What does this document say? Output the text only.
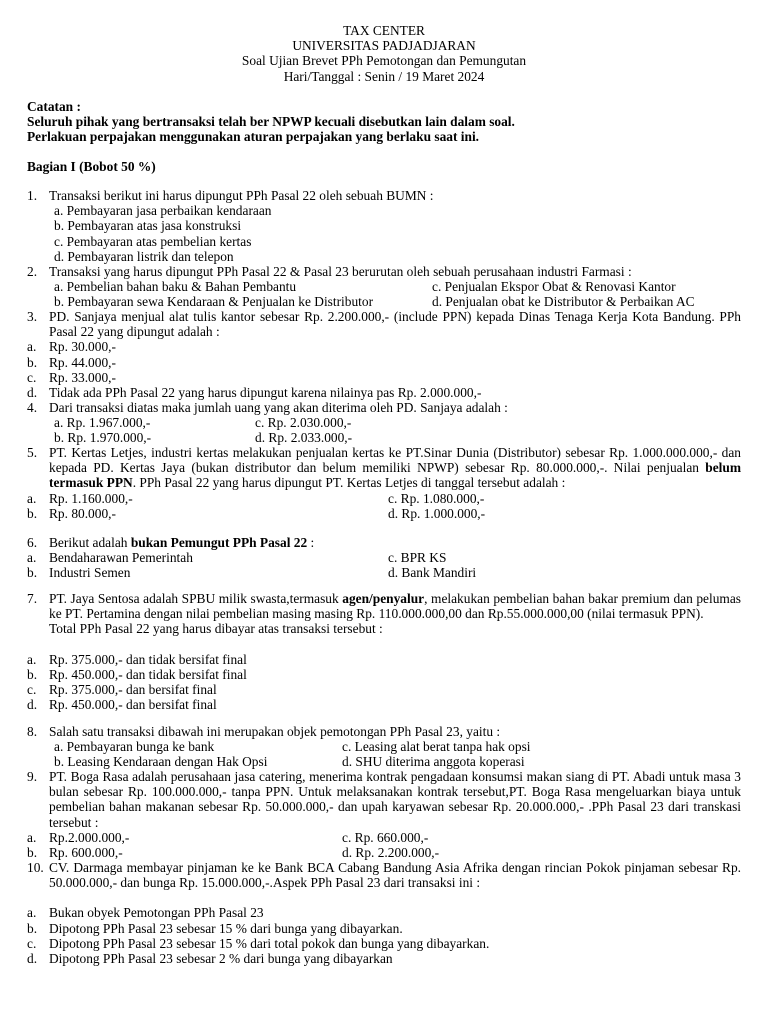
TAX CENTER
UNIVERSITAS PADJADJARAN
Soal Ujian Brevet PPh Pemotongan dan Pemungutan
Hari/Tanggal : Senin / 19 Maret 2024
Catatan :
Seluruh pihak yang bertransaksi telah ber NPWP kecuali disebutkan lain dalam soal.
Perlakuan perpajakan menggunakan aturan perpajakan yang berlaku saat ini.
Bagian I (Bobot 50 %)
1. Transaksi berikut ini harus dipungut PPh Pasal 22 oleh sebuah BUMN :
a. Pembayaran jasa perbaikan kendaraan
b. Pembayaran atas jasa konstruksi
c. Pembayaran atas pembelian kertas
d. Pembayaran listrik dan telepon
2. Transaksi yang harus dipungut PPh Pasal 22 & Pasal 23 berurutan oleh sebuah perusahaan industri Farmasi :
a. Pembelian bahan baku & Bahan Pembantu	c. Penjualan Ekspor Obat & Renovasi Kantor
b. Pembayaran sewa Kendaraan & Penjualan ke Distributor	d. Penjualan obat ke Distributor & Perbaikan AC
3. PD. Sanjaya menjual alat tulis kantor sebesar Rp. 2.200.000,- (include PPN) kepada Dinas Tenaga Kerja Kota Bandung. PPh Pasal 22 yang dipungut adalah :
a. Rp. 30.000,-
b. Rp. 44.000,-
c. Rp. 33.000,-
d. Tidak ada PPh Pasal 22 yang harus dipungut karena nilainya pas Rp. 2.000.000,-
4. Dari transaksi diatas maka jumlah uang yang akan diterima oleh PD. Sanjaya adalah :
a. Rp. 1.967.000,-	c. Rp. 2.030.000,-
b. Rp. 1.970.000,-	d. Rp. 2.033.000,-
5. PT. Kertas Letjes, industri kertas melakukan penjualan kertas ke PT.Sinar Dunia (Distributor) sebesar Rp. 1.000.000.000,- dan kepada PD. Kertas Jaya (bukan distributor dan belum memiliki NPWP) sebesar Rp. 80.000.000,-. Nilai penjualan belum termasuk PPN. PPh Pasal 22 yang harus dipungut PT. Kertas Letjes di tanggal tersebut adalah :
a. Rp. 1.160.000,-	c. Rp. 1.080.000,-
b. Rp. 80.000,-	d. Rp. 1.000.000,-
6. Berikut adalah bukan Pemungut PPh Pasal 22 :
a. Bendaharawan Pemerintah	c. BPR KS
b. Industri Semen	d. Bank Mandiri
7. PT. Jaya Sentosa adalah SPBU milik swasta,termasuk agen/penyalur, melakukan pembelian bahan bakar premium dan pelumas ke PT. Pertamina dengan nilai pembelian masing masing Rp. 110.000.000,00 dan Rp.55.000.000,00 (nilai termasuk PPN).
Total PPh Pasal 22 yang harus dibayar atas transaksi tersebut :
a. Rp. 375.000,- dan tidak bersifat final
b. Rp. 450.000,- dan tidak bersifat final
c. Rp. 375.000,- dan bersifat final
d. Rp. 450.000,- dan bersifat final
8. Salah satu transaksi dibawah ini merupakan objek pemotongan PPh Pasal 23, yaitu :
a. Pembayaran bunga ke bank	c. Leasing alat berat tanpa hak opsi
b. Leasing Kendaraan dengan Hak Opsi	d. SHU diterima anggota koperasi
9. PT. Boga Rasa adalah perusahaan jasa catering, menerima kontrak pengadaan konsumsi makan siang di PT. Abadi untuk masa 3 bulan sebesar Rp. 100.000.000,- tanpa PPN. Untuk melaksanakan kontrak tersebut,PT. Boga Rasa mengeluarkan biaya untuk pembelian bahan makanan sebesar Rp. 50.000.000,- dan upah karyawan sebesar Rp. 20.000.000,- .PPh Pasal 23 dari transkasi tersebut :
a. Rp.2.000.000,-	c. Rp. 660.000,-
b. Rp. 600.000,-	d. Rp. 2.200.000,-
10. CV. Darmaga membayar pinjaman ke ke Bank BCA Cabang Bandung Asia Afrika dengan rincian Pokok pinjaman sebesar Rp. 50.000.000,- dan bunga Rp. 15.000.000,-.Aspek PPh Pasal 23 dari transaksi ini :
a. Bukan obyek Pemotongan PPh Pasal 23
b. Dipotong PPh Pasal 23 sebesar 15 % dari bunga yang dibayarkan.
c. Dipotong PPh Pasal 23 sebesar 15 % dari total pokok dan bunga yang dibayarkan.
d. Dipotong PPh Pasal 23 sebesar 2 % dari bunga yang dibayarkan
